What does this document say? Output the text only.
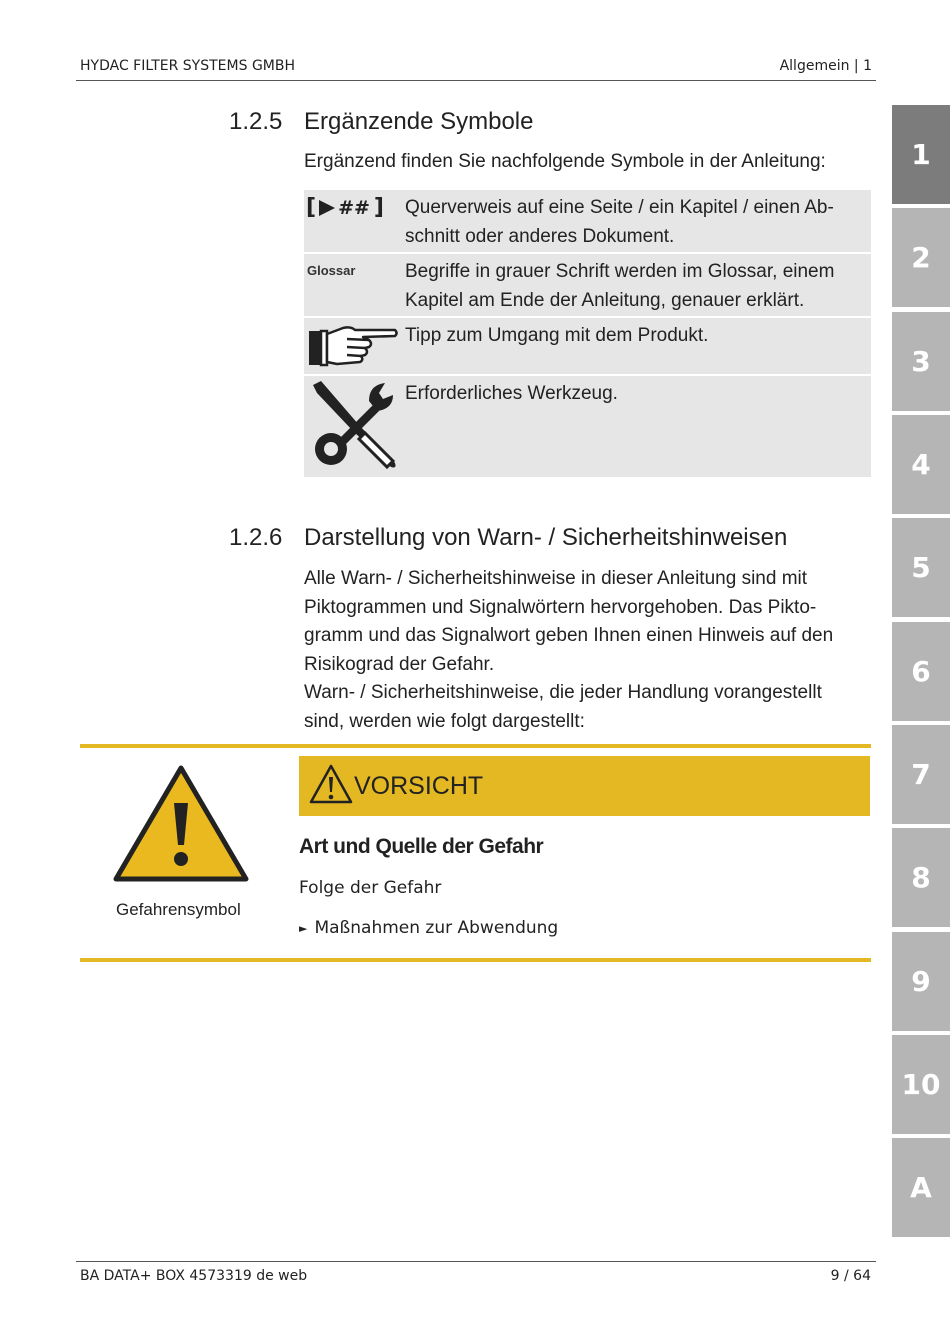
HYDAC FILTER SYSTEMS GMBH	Allgemein | 1
1.2.5 Ergänzende Symbole
Ergänzend finden Sie nachfolgende Symbole in der Anleitung:
[ ## ] Querverweis auf eine Seite / ein Kapitel / einen Ab-
schnitt oder anderes Dokument.
Glossar	Begriffe in grauer Schrift werden im Glossar, einem
Kapitel am Ende der Anleitung, genauer erklärt.
Tipp zum Umgang mit dem Produkt.
Erforderliches Werkzeug.
1.2.6 Darstellung von Warn- / Sicherheitshinweisen
Alle Warn- / Sicherheitshinweise in dieser Anleitung sind mit
Piktogrammen und Signalwörtern hervorgehoben. Das Pikto-
gramm und das Signalwort geben Ihnen einen Hinweis auf den
Risikograd der Gefahr.
Warn- / Sicherheitshinweise, die jeder Handlung vorangestellt
sind, werden wie folgt dargestellt:
Gefahrensymbol
VORSICHT
Art und Quelle der Gefahr
Folge der Gefahr
► Maßnahmen zur Abwendung
1
2
3
4
5
6
7
8
9
10
A
BA DATA+ BOX 4573319 de web	9 / 64
